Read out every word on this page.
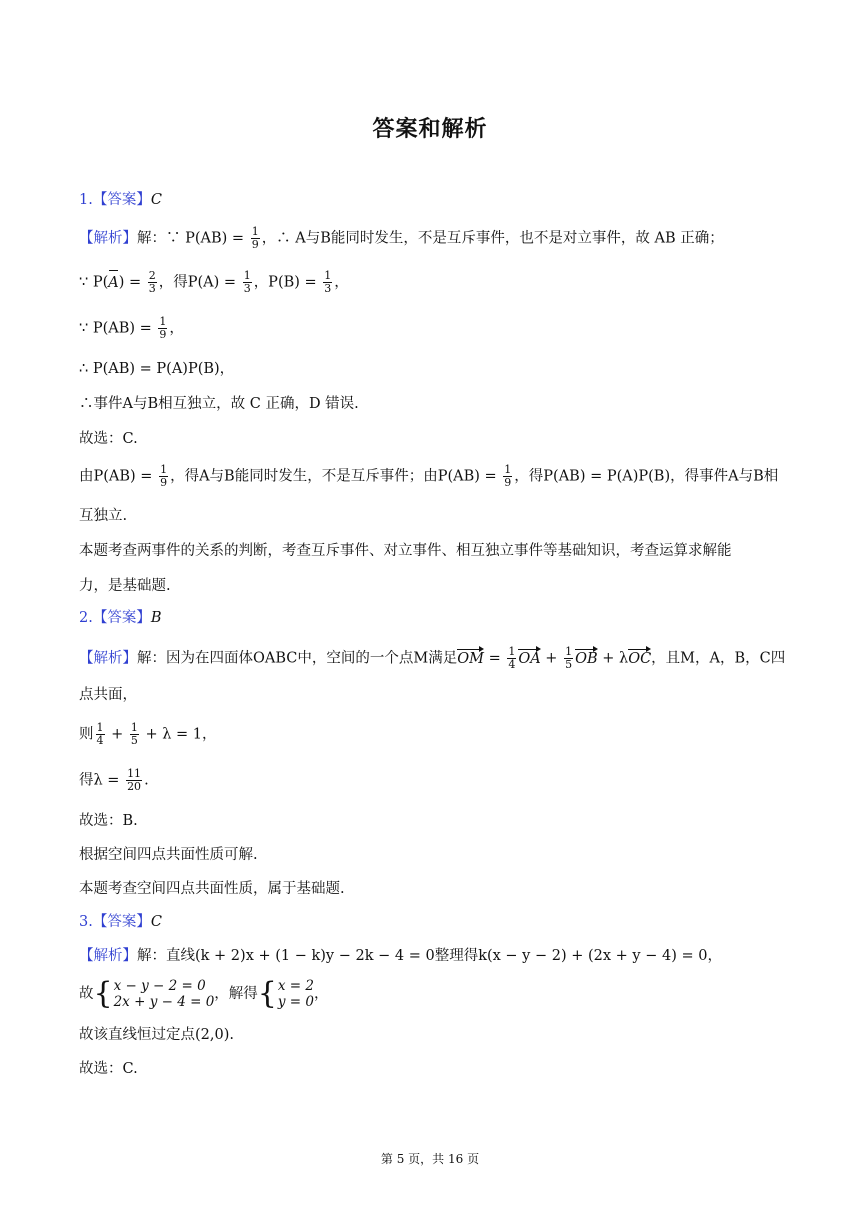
答案和解析
1.【答案】C
【解析】解：∵ $P(AB) = \frac{1}{9}$ ，∴ A与B能同时发生，不是互斥事件，也不是对立事件，故 AB 正确；
∵ $P(A) = \frac{2}{3}$ ，得$P(A) = \frac{1}{3}$ ，$P(B) = \frac{1}{3}$ ，
∵ $P(AB) = \frac{1}{9}$ ，
∴ P(AB) = P(A)P(B)，
∴事件A与B相互独立，故 C 正确，D 错误.
故选：C.
由$P(AB) = \frac{1}{9}$ ，得A与B能同时发生，不是互斥事件；由$P(AB) = \frac{1}{9}$ ，得P(AB) = P(A)P(B)，得事件A与B相
互独立.
本题考查两事件的关系的判断，考查互斥事件、对立事件、相互独立事件等基础知识，考查运算求解能
力，是基础题.
2.【答案】B
【解析】解：因为在四面体OABC中，空间的一个点M满足OM = $\frac{1}{4}$ OA + $\frac{1}{5}$ OB + λOC，且M，A，B，C四
点共面，
则 $\frac{1}{4} + \frac{1}{5} + \lambda = 1$，
得$\lambda = \frac{11}{20}$ .
故选：B.
根据空间四点共面性质可解.
本题考查空间四点共面性质，属于基础题.
3.【答案】C
【解析】解：直线(k + 2)x + (1 − k)y − 2k − 4 = 0整理得k(x − y − 2) + (2x + y − 4) = 0，
故{ x − y − 2 = 0
2x + y − 4 = 0 ，解得{ x = 2
y = 0 ，
故该直线恒过定点(2,0).
故选：C.
第 5 页，共 16 页
